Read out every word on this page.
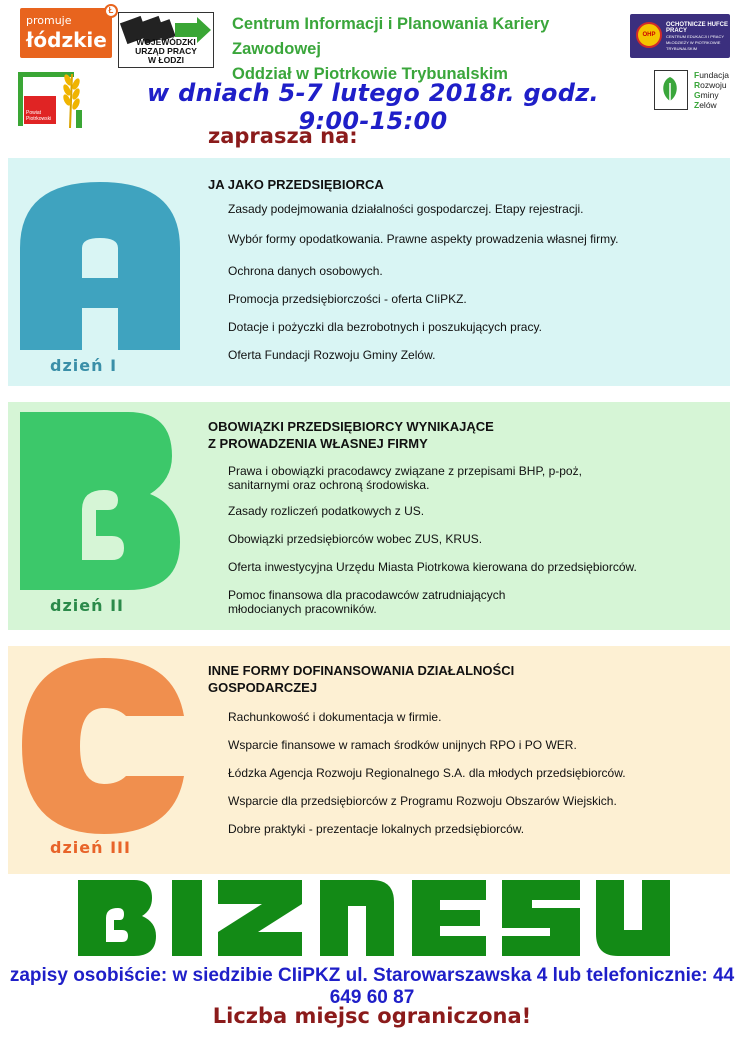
promuje
łódzkie
Ł
WOJEWÓDZKI
URZĄD PRACY
W ŁODZI
Powiat Piotrkowski
Centrum Informacji i Planowania Kariery Zawodowej
Oddział w Piotrkowie Trybunalskim
OHP
OCHOTNICZE HUFCE PRACY
CENTRUM EDUKACJI I PRACY MŁODZIEŻY W PIOTRKOWIE TRYBUNALSKIM
Fundacja
Rozwoju
Gminy
Zelów
w dniach 5-7 lutego 2018r. godz. 9:00-15:00
zaprasza na:
dzień I
JA JAKO PRZEDSIĘBIORCA
Zasady podejmowania działalności gospodarczej. Etapy rejestracji.
Wybór formy opodatkowania. Prawne aspekty prowadzenia własnej firmy.
Ochrona danych osobowych.
Promocja przedsiębiorczości - oferta CIiPKZ.
Dotacje i pożyczki dla bezrobotnych i poszukujących pracy.
Oferta Fundacji Rozwoju Gminy Zelów.
dzień II
OBOWIĄZKI PRZEDSIĘBIORCY WYNIKAJĄCE
Z PROWADZENIA WŁASNEJ FIRMY
Prawa i obowiązki pracodawcy związane z przepisami BHP, p-poż,
sanitarnymi oraz ochroną środowiska.
Zasady rozliczeń podatkowych z US.
Obowiązki przedsiębiorców wobec ZUS, KRUS.
Oferta inwestycyjna Urzędu Miasta Piotrkowa kierowana do przedsiębiorców.
Pomoc finansowa dla pracodawców zatrudniających
młodocianych pracowników.
dzień III
INNE FORMY DOFINANSOWANIA DZIAŁALNOŚCI
GOSPODARCZEJ
Rachunkowość i dokumentacja w firmie.
Wsparcie finansowe w ramach środków unijnych RPO i PO WER.
Łódzka Agencja Rozwoju Regionalnego S.A. dla młodych przedsiębiorców.
Wsparcie dla przedsiębiorców z Programu Rozwoju Obszarów Wiejskich.
Dobre praktyki - prezentacje lokalnych przedsiębiorców.
zapisy osobiście: w siedzibie CIiPKZ ul. Starowarszawska 4 lub telefonicznie: 44 649 60 87
Liczba miejsc ograniczona!
